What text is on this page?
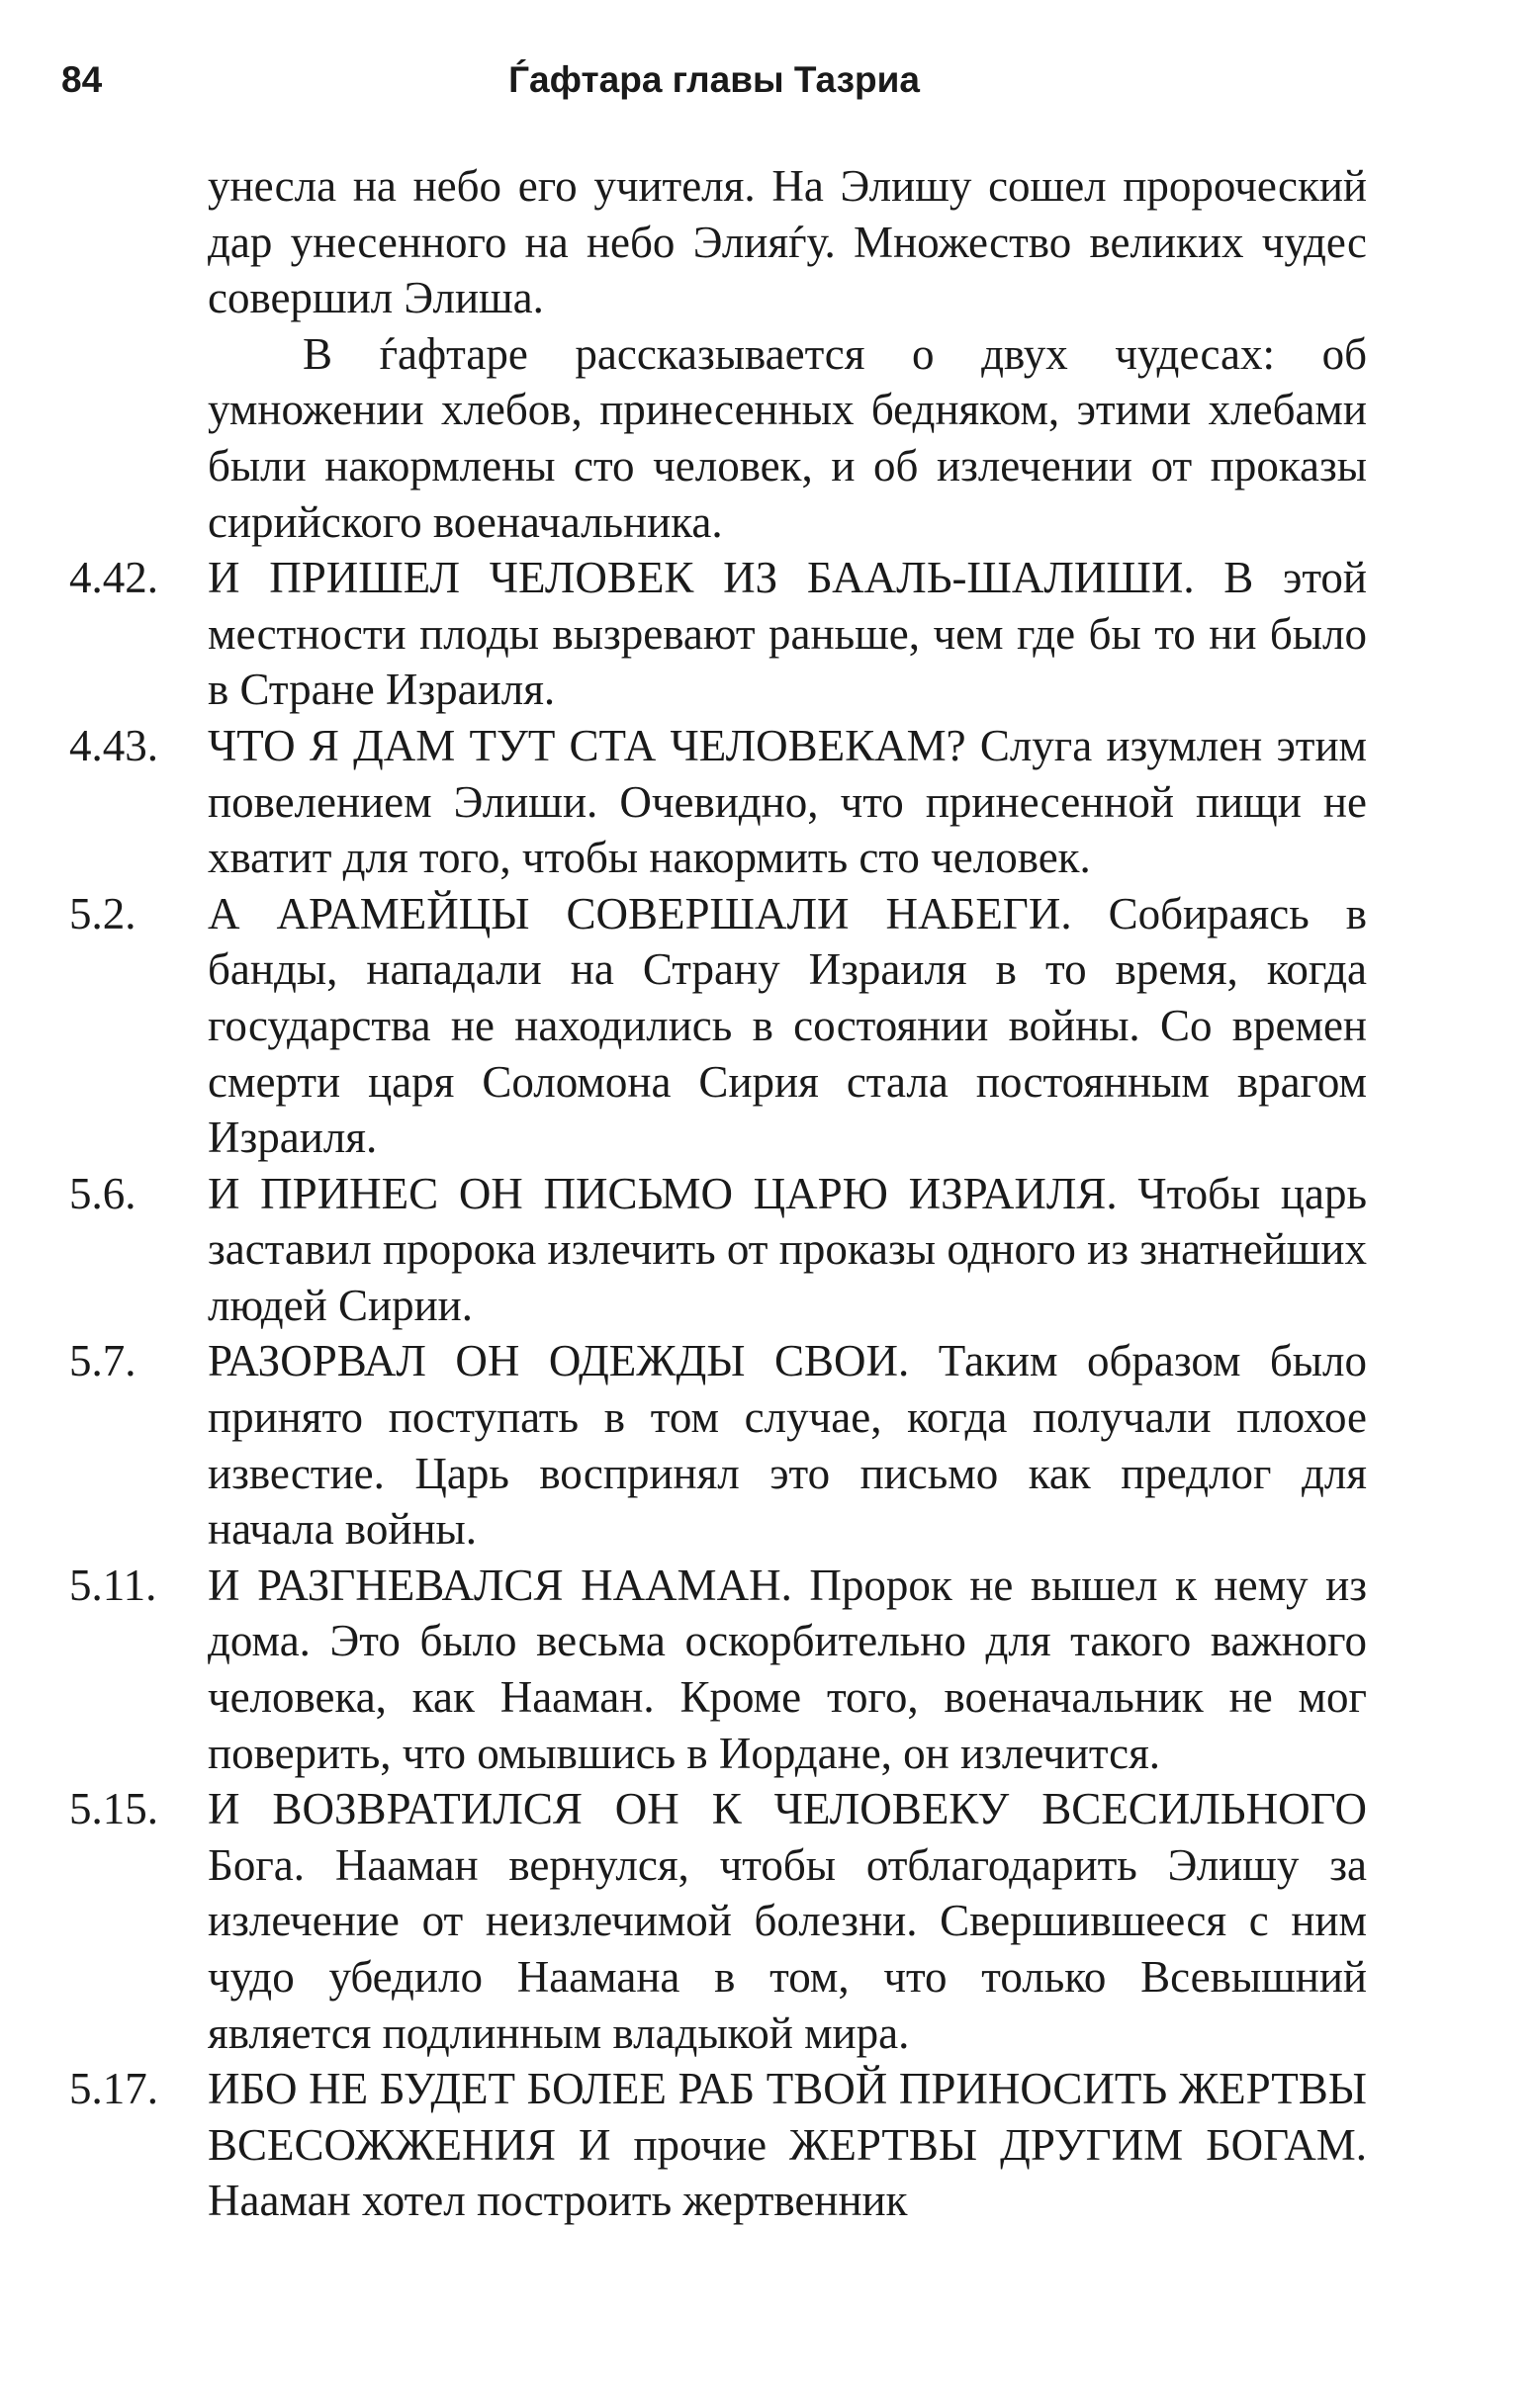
84	Ѓафтара главы Тазриа

унесла на небо его учителя. На Элишу сошел пророческий дар унесенного на небо Элияѓу. Множество великих чудес совершил Элиша.

В ѓафтаре рассказывается о двух чудесах: об умножении хлебов, принесенных бедняком, этими хлебами были накормлены сто человек, и об излечении от проказы сирийского военачальника.

4.42.	И ПРИШЕЛ ЧЕЛОВЕК ИЗ БААЛЬ-ШАЛИШИ. В этой местности плоды вызревают раньше, чем где бы то ни было в Стране Израиля.
4.43.	ЧТО Я ДАМ ТУТ СТА ЧЕЛОВЕКАМ? Слуга изумлен этим повелением Элиши. Очевидно, что принесенной пищи не хватит для того, чтобы накормить сто человек.
5.2.	А АРАМЕЙЦЫ СОВЕРШАЛИ НАБЕГИ. Собираясь в банды, нападали на Страну Израиля в то время, когда государства не находились в состоянии войны. Со времен смерти царя Соломона Сирия стала постоянным врагом Израиля.
5.6.	И ПРИНЕС ОН ПИСЬМО ЦАРЮ ИЗРАИЛЯ. Чтобы царь заставил пророка излечить от проказы одного из знатнейших людей Сирии.
5.7.	РАЗОРВАЛ ОН ОДЕЖДЫ СВОИ. Таким образом было принято поступать в том случае, когда получали плохое известие. Царь воспринял это письмо как предлог для начала войны.
5.11.	И РАЗГНЕВАЛСЯ НААМАН. Пророк не вышел к нему из дома. Это было весьма оскорбительно для такого важного человека, как Нааман. Кроме того, военачальник не мог поверить, что омывшись в Иордане, он излечится.
5.15.	И ВОЗВРАТИЛСЯ ОН К ЧЕЛОВЕКУ ВСЕСИЛЬНОГО Бога. Нааман вернулся, чтобы отблагодарить Элишу за излечение от неизлечимой болезни. Свершившееся с ним чудо убедило Наамана в том, что только Всевышний является подлинным владыкой мира.
5.17.	ИБО НЕ БУДЕТ БОЛЕЕ РАБ ТВОЙ ПРИНОСИТЬ ЖЕРТВЫ ВСЕСОЖЖЕНИЯ И прочие ЖЕРТВЫ ДРУГИМ БОГАМ. Нааман хотел построить жертвенник
